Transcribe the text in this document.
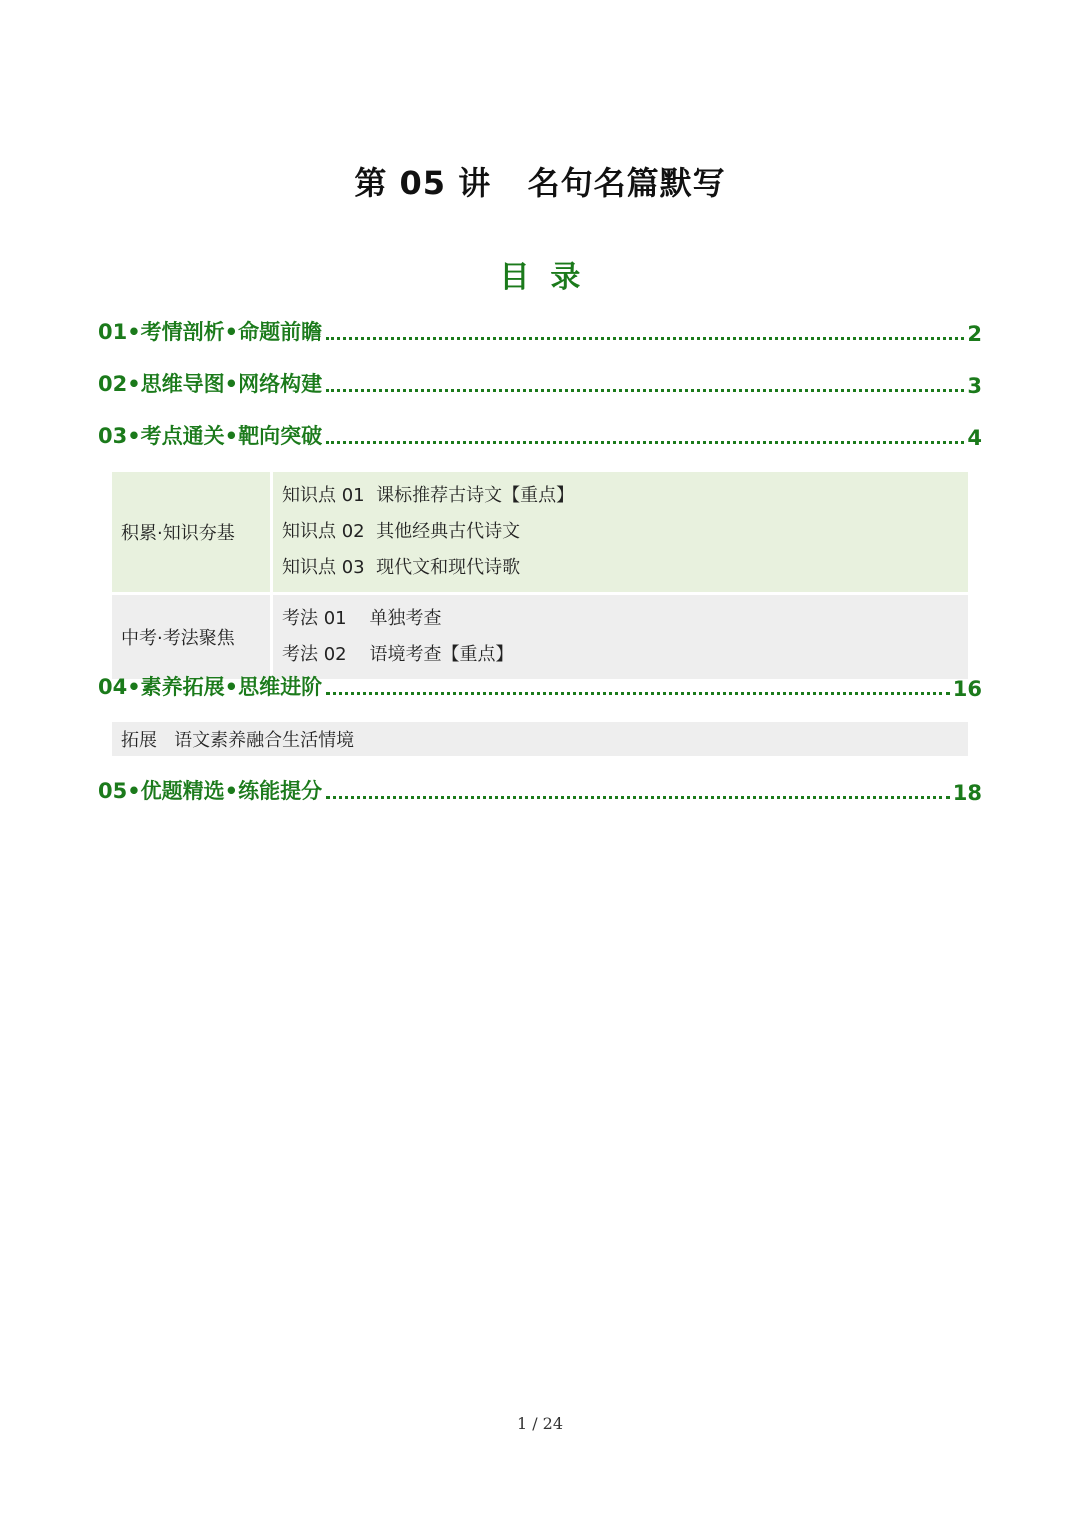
第 05 讲   名句名篇默写
目  录
01•考情剖析•命题前瞻	2
02•思维导图•网络构建	3
03•考点通关•靶向突破	4
积累·知识夯基
知识点 01  课标推荐古诗文【重点】
知识点 02  其他经典古代诗文
知识点 03  现代文和现代诗歌
中考·考法聚焦
考法 01    单独考查
考法 02    语境考查【重点】
04•素养拓展•思维进阶	16
拓展   语文素养融合生活情境
05•优题精选•练能提分	18
1 / 24
